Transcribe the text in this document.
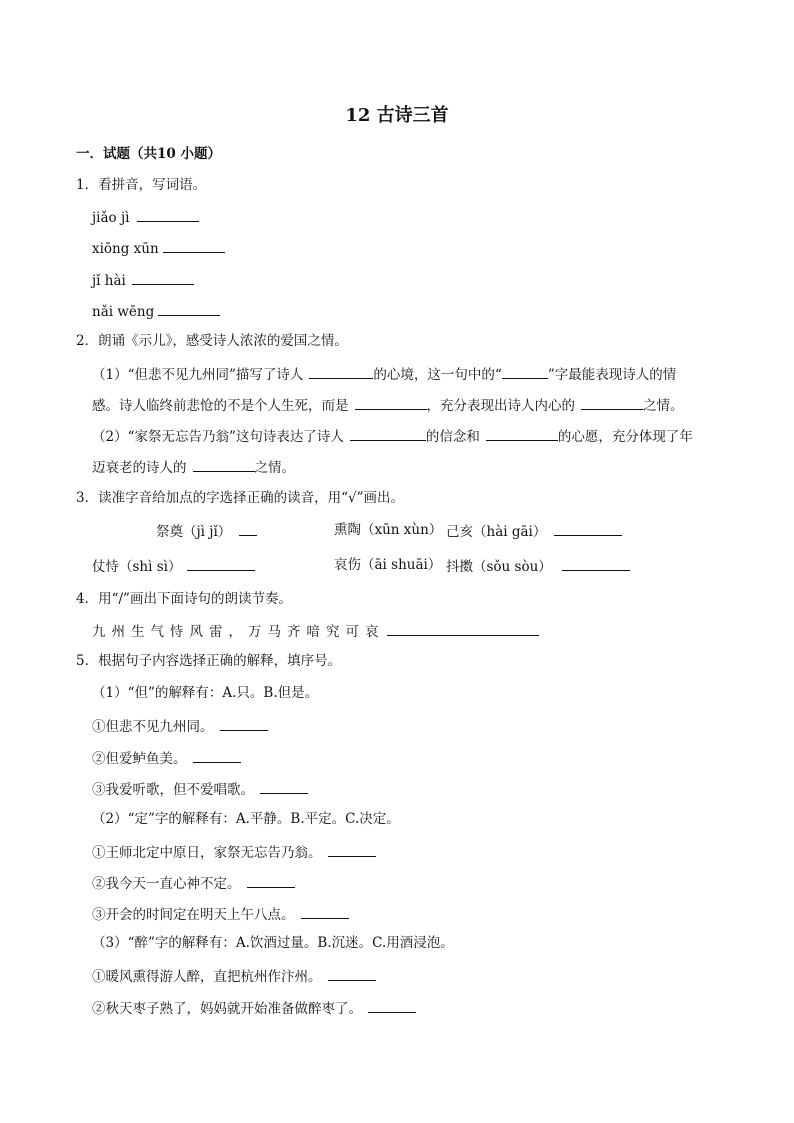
12 古诗三首
一．试题（共10 小题）
1．看拼音，写词语。
jiǎo jì
xiōng xūn
jǐ hài
nǎi wēng
2．朗诵《示儿》，感受诗人浓浓的爱国之情。
（1）“但悲不见九州同”描写了诗人	的心境，这一句中的“	”字最能表现诗人的情
感。诗人临终前悲怆的不是个人生死，而是	，充分表现出诗人内心的	之情。
（2）“家祭无忘告乃翁”这句诗表达了诗人	的信念和	的心愿，充分体现了年
迈衰老的诗人的	之情。
3．读准字音给加点的字选择正确的读音，用“√”画出。
祭奠（jì jǐ）	熏陶（xūn xùn） 己亥（hài gāi）
仗恃（shì sì）	哀伤（āi shuāi） 抖擞（sǒu sòu）
4．用“/”画出下面诗句的朗读节奏。
九州生气恃风雷，万马齐喑究可哀
5．根据句子内容选择正确的解释，填序号。
（1）“但”的解释有：A.只。B.但是。
①但悲不见九州同。
②但爱鲈鱼美。
③我爱听歌，但不爱唱歌。
（2）“定”字的解释有：A.平静。B.平定。C.决定。
①王师北定中原日，家祭无忘告乃翁。
②我今天一直心神不定。
③开会的时间定在明天上午八点。
（3）“醉”字的解释有：A.饮酒过量。B.沉迷。C.用酒浸泡。
①暖风熏得游人醉，直把杭州作汴州。
②秋天枣子熟了，妈妈就开始准备做醉枣了。
